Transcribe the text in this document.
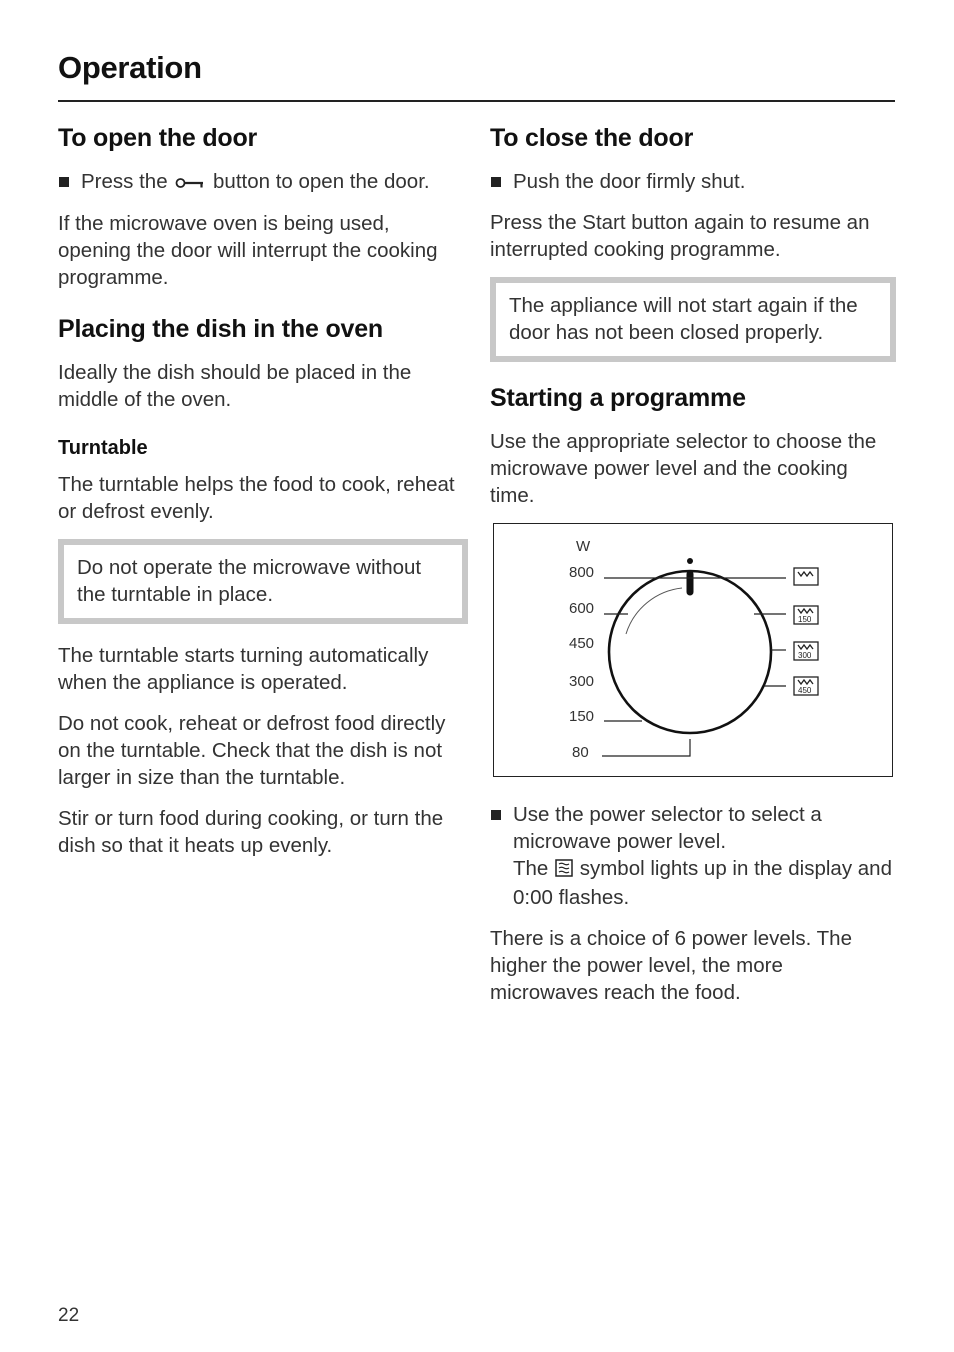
Operation
To open the door

Press the button to open the door.

If the microwave oven is being used, opening the door will interrupt the cooking programme.

Placing the dish in the oven

Ideally the dish should be placed in the middle of the oven.

Turntable

The turntable helps the food to cook, reheat or defrost evenly.

Do not operate the microwave without the turntable in place.

The turntable starts turning automatically when the appliance is operated.

Do not cook, reheat or defrost food directly on the turntable. Check that the dish is not larger in size than the turntable.

Stir or turn food during cooking, or turn the dish so that it heats up evenly.

To close the door

Push the door firmly shut.

Press the Start button again to resume an interrupted cooking programme.

The appliance will not start again if the door has not been closed properly.

Starting a programme

Use the appropriate selector to choose the microwave power level and the cooking time.

W
800
600
450
300
150
80
150
300
450

Use the power selector to select a microwave power level.
The symbol lights up in the display and 0:00 flashes.

There is a choice of 6 power levels. The higher the power level, the more microwaves reach the food.

22
